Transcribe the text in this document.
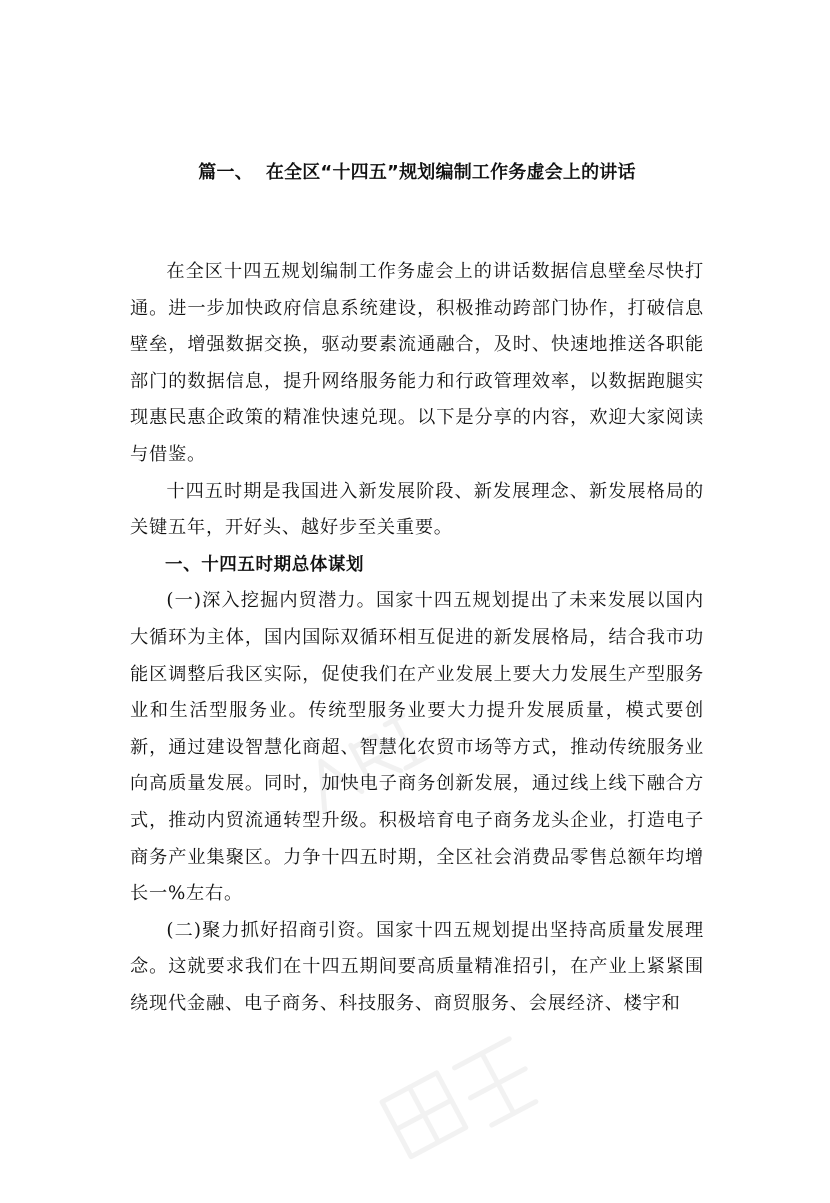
篇一、  在全区“十四五”规划编制工作务虚会上的讲话

在全区十四五规划编制工作务虚会上的讲话数据信息壁垒尽快打通。进一步加快政府信息系统建设，积极推动跨部门协作，打破信息壁垒，增强数据交换，驱动要素流通融合，及时、快速地推送各职能部门的数据信息，提升网络服务能力和行政管理效率，以数据跑腿实现惠民惠企政策的精准快速兑现。以下是分享的内容，欢迎大家阅读与借鉴。

十四五时期是我国进入新发展阶段、新发展理念、新发展格局的关键五年，开好头、越好步至关重要。

一、十四五时期总体谋划

(一)深入挖掘内贸潜力。国家十四五规划提出了未来发展以国内大循环为主体，国内国际双循环相互促进的新发展格局，结合我市功能区调整后我区实际，促使我们在产业发展上要大力发展生产型服务业和生活型服务业。传统型服务业要大力提升发展质量，模式要创新，通过建设智慧化商超、智慧化农贸市场等方式，推动传统服务业向高质量发展。同时，加快电子商务创新发展，通过线上线下融合方式，推动内贸流通转型升级。积极培育电子商务龙头企业，打造电子商务产业集聚区。力争十四五时期，全区社会消费品零售总额年均增长一%左右。

(二)聚力抓好招商引资。国家十四五规划提出坚持高质量发展理念。这就要求我们在十四五期间要高质量精准招引，在产业上紧紧围绕现代金融、电子商务、科技服务、商贸服务、会展经济、楼宇和
